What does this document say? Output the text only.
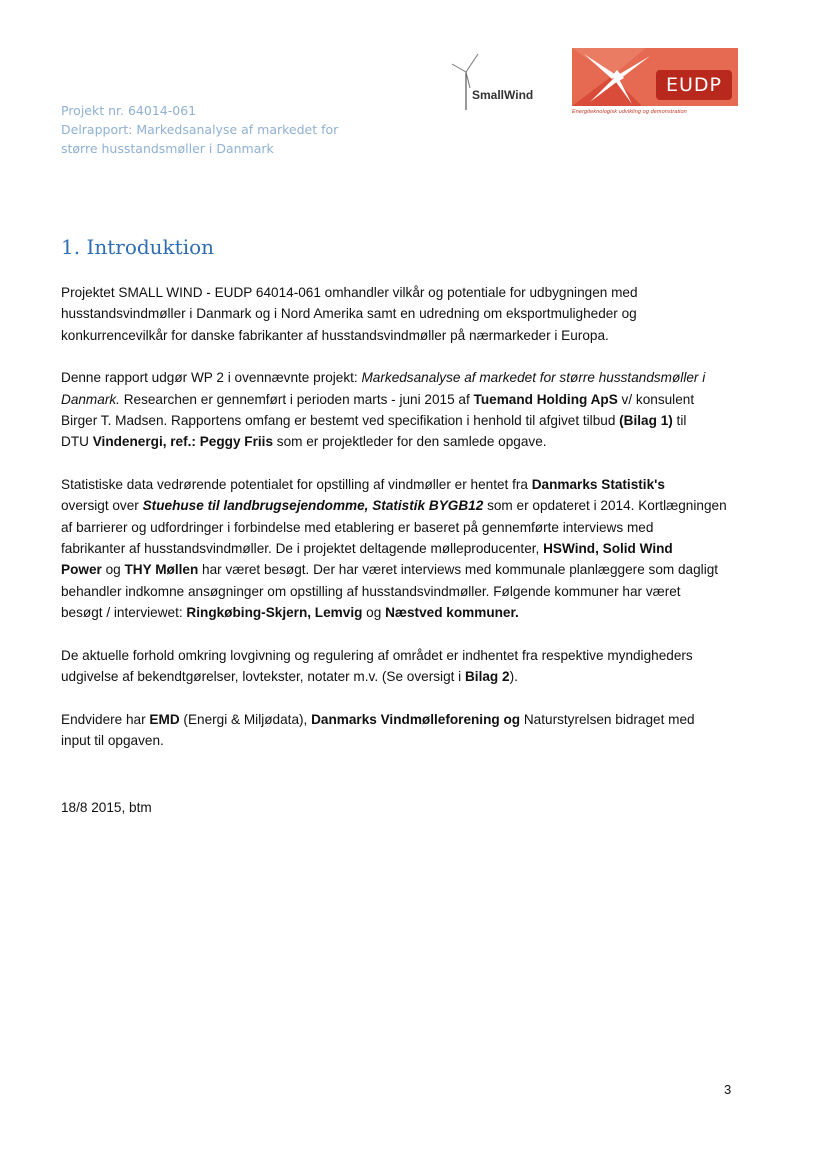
Projekt nr. 64014-061
Delrapport: Markedsanalyse af markedet for
større husstandsmøller i Danmark
SmallWind	EUDP
Energiteknologisk udvikling og demonstration
1. Introduktion

Projektet SMALL WIND - EUDP 64014-061 omhandler vilkår og potentiale for udbygningen med
husstandsvindmøller i Danmark og i Nord Amerika samt en udredning om eksportmuligheder og
konkurrencevilkår for danske fabrikanter af husstandsvindmøller på nærmarkeder i Europa.

Denne rapport udgør WP 2 i ovennævnte projekt: Markedsanalyse af markedet for større husstandsmøller i
Danmark. Researchen er gennemført i perioden marts - juni 2015 af Tuemand Holding ApS v/ konsulent
Birger T. Madsen. Rapportens omfang er bestemt ved specifikation i henhold til afgivet tilbud (Bilag 1) til
DTU Vindenergi, ref.: Peggy Friis som er projektleder for den samlede opgave.

Statistiske data vedrørende potentialet for opstilling af vindmøller er hentet fra Danmarks Statistik's
oversigt over Stuehuse til landbrugsejendomme, Statistik BYGB12 som er opdateret i 2014. Kortlægningen
af barrierer og udfordringer i forbindelse med etablering er baseret på gennemførte interviews med
fabrikanter af husstandsvindmøller. De i projektet deltagende mølleproducenter, HSWind, Solid Wind
Power og THY Møllen har været besøgt. Der har været interviews med kommunale planlæggere som dagligt
behandler indkomne ansøgninger om opstilling af husstandsvindmøller. Følgende kommuner har været
besøgt / interviewet: Ringkøbing-Skjern, Lemvig og Næstved kommuner.

De aktuelle forhold omkring lovgivning og regulering af området er indhentet fra respektive myndigheders
udgivelse af bekendtgørelser, lovtekster, notater m.v. (Se oversigt i Bilag 2).

Endvidere har EMD (Energi & Miljødata), Danmarks Vindmølleforening og Naturstyrelsen bidraget med
input til opgaven.

18/8 2015, btm
3
